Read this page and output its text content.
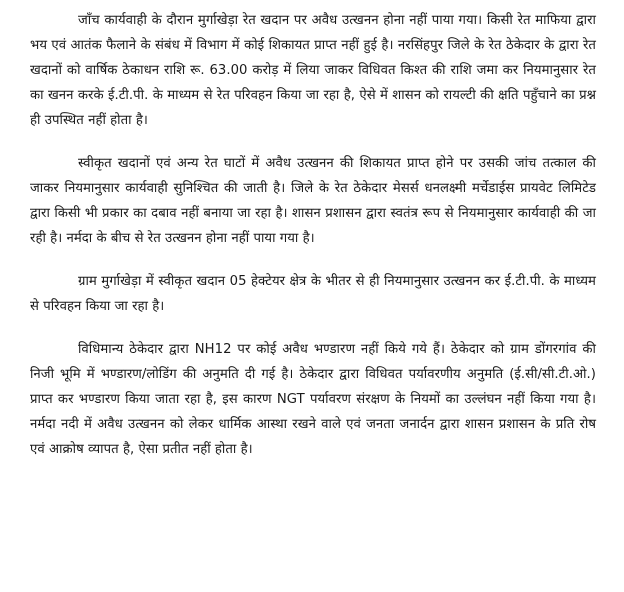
जाँच कार्यवाही के दौरान मुर्गाखेड़ा रेत खदान पर अवैध उत्खनन होना नहीं पाया गया। किसी रेत माफिया द्वारा भय एवं आतंक फैलाने के संबंध में विभाग में कोई शिकायत प्राप्त नहीं हुई है। नरसिंहपुर जिले के रेत ठेकेदार के द्वारा रेत खदानों को वार्षिक ठेकाधन राशि रू. 63.00 करोड़ में लिया जाकर विधिवत किश्त की राशि जमा कर नियमानुसार रेत का खनन करके ई.टी.पी. के माध्यम से रेत परिवहन किया जा रहा है, ऐसे में शासन को रायल्टी की क्षति पहुँचाने का प्रश्न ही उपस्थित नहीं होता है।

स्वीकृत खदानों एवं अन्य रेत घाटों में अवैध उत्खनन की शिकायत प्राप्त होने पर उसकी जांच तत्काल की जाकर नियमानुसार कार्यवाही सुनिश्चित की जाती है। जिले के रेत ठेकेदार मेसर्स धनलक्ष्मी मर्चेडाईस प्रायवेट लिमिटेड द्वारा किसी भी प्रकार का दबाव नहीं बनाया जा रहा है। शासन प्रशासन द्वारा स्वतंत्र रूप से नियमानुसार कार्यवाही की जा रही है। नर्मदा के बीच से रेत उत्खनन होना नहीं पाया गया है।

ग्राम मुर्गाखेड़ा में स्वीकृत खदान 05 हेक्टेयर क्षेत्र के भीतर से ही नियमानुसार उत्खनन कर ई.टी.पी. के माध्यम से परिवहन किया जा रहा है।

विधिमान्य ठेकेदार द्वारा NH12 पर कोई अवैध भण्डारण नहीं किये गये हैं। ठेकेदार को ग्राम डोंगरगांव की निजी भूमि में भण्डारण/लोडिंग की अनुमति दी गई है। ठेकेदार द्वारा विधिवत पर्यावरणीय अनुमति (ई.सी/सी.टी.ओ.) प्राप्त कर भण्डारण किया जाता रहा है, इस कारण NGT पर्यावरण संरक्षण के नियमों का उल्लंघन नहीं किया गया है। नर्मदा नदी में अवैध उत्खनन को लेकर धार्मिक आस्था रखने वाले एवं जनता जनार्दन द्वारा शासन प्रशासन के प्रति रोष एवं आक्रोष व्यापत है, ऐसा प्रतीत नहीं होता है।
